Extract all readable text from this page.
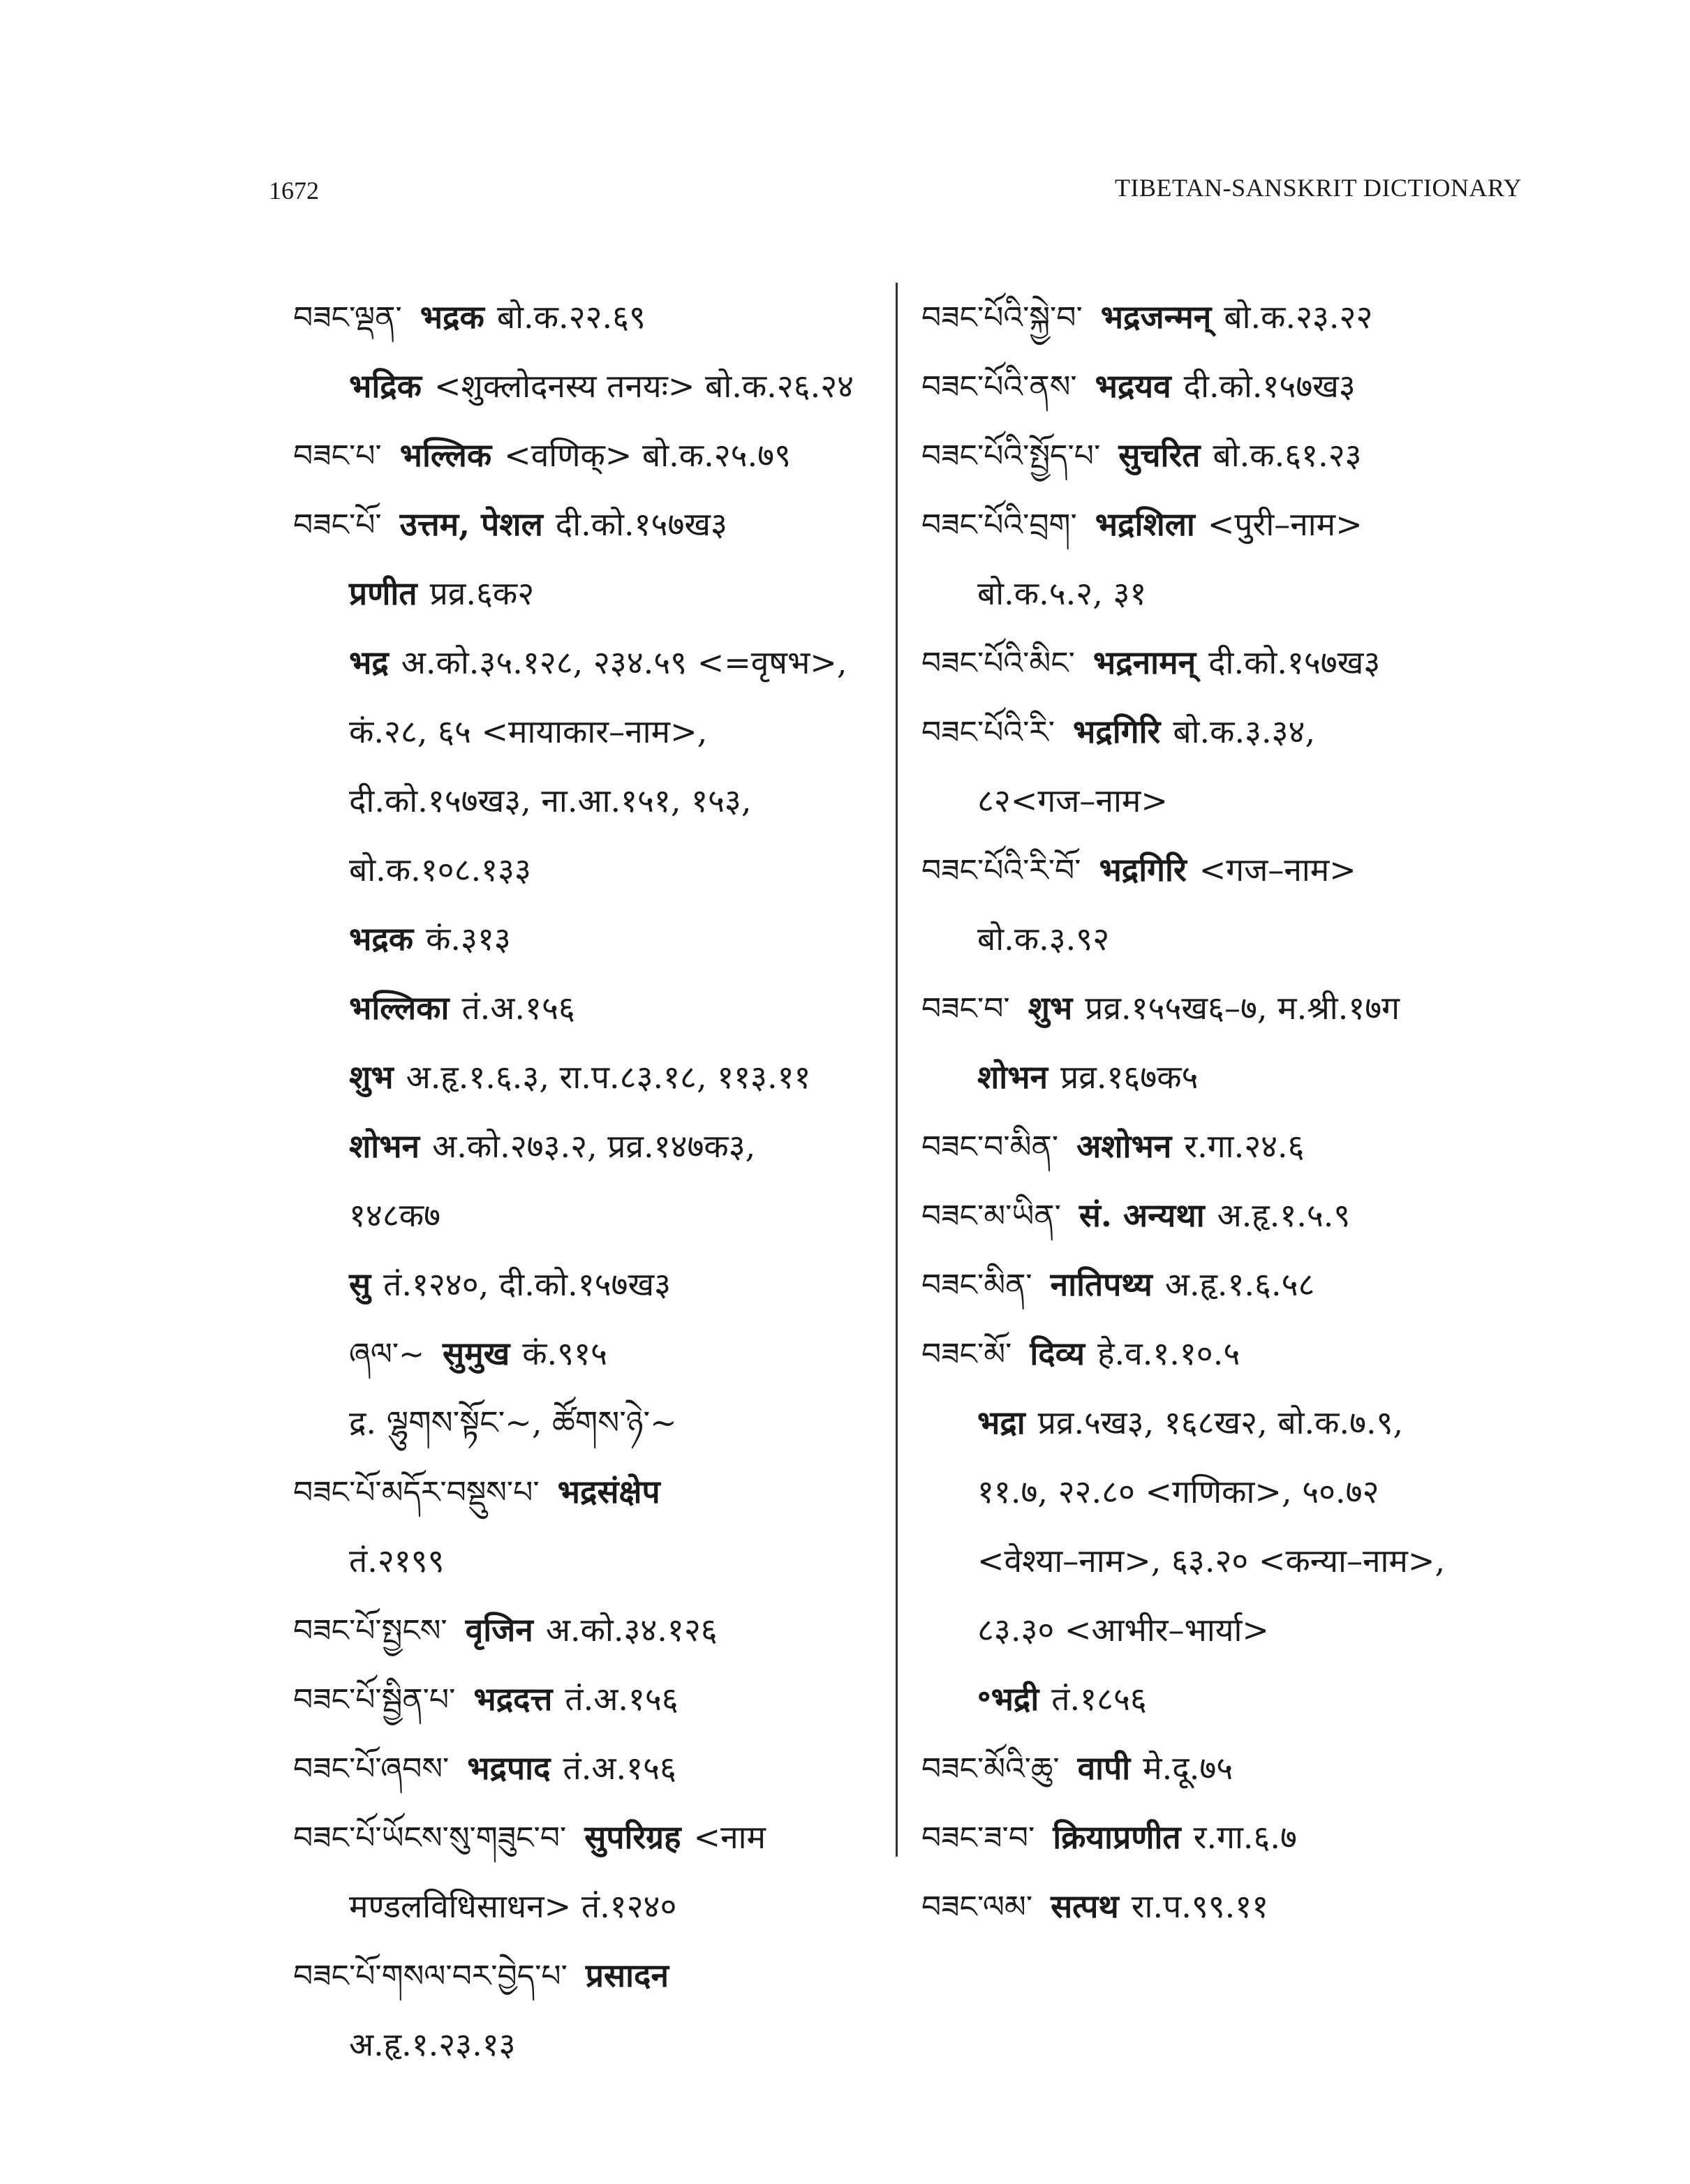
1672	TIBETAN-SANSKRIT DICTIONARY
བཟང་ལྡན་ भद्रक बो.क.२२.६९
भद्रिक <शुक्लोदनस्य तनयः> बो.क.२६.२४
བཟང་པ་ भल्लिक <वणिक्> बो.क.२५.७९
བཟང་པོ་ उत्तम, पेशल दी.को.१५७ख३
प्रणीत प्रव्र.६क२
भद्र अ.को.३५.१२८, २३४.५९ <=वृषभ>,
कं.२८, ६५ <मायाकार–नाम>,
दी.को.१५७ख३, ना.आ.१५१, १५३,
बो.क.१०८.१३३
भद्रक कं.३१३
भल्लिका तं.अ.१५६
शुभ अ.हृ.१.६.३, रा.प.८३.१८, ११३.११
शोभन अ.को.२७३.२, प्रव्र.१४७क३,
१४८क७
सु तं.१२४०, दी.को.१५७ख३
ཞལ་~ सुमुख कं.९१५
द्र. ལྷུགས་སྟོང་~, ཚོགས་ཉེ་~
བཟང་པོ་མདོར་བསྡུས་པ་ भद्रसंक्षेप
तं.२१९९
བཟང་པོ་སྤྱངས་ वृजिन अ.को.३४.१२६
བཟང་པོ་སྦྱིན་པ་ भद्रदत्त तं.अ.१५६
བཟང་པོ་ཞབས་ भद्रपाद तं.अ.१५६
བཟང་པོ་ཡོངས་སུ་གཟུང་བ་ सुपरिग्रह <नाम
मण्डलविधिसाधन> तं.१२४०
བཟང་པོ་གསལ་བར་བྱེད་པ་ प्रसादन
अ.हृ.१.२३.१३
བཟང་པོའི་སྐྱེ་བ་ भद्रजन्मन् बो.क.२३.२२
བཟང་པོའི་ནས་ भद्रयव दी.को.१५७ख३
བཟང་པོའི་སྤྱོད་པ་ सुचरित बो.क.६१.२३
བཟང་པོའི་བྲག་ भद्रशिला <पुरी–नाम>
बो.क.५.२, ३१
བཟང་པོའི་མིང་ भद्रनामन् दी.को.१५७ख३
བཟང་པོའི་རི་ भद्रगिरि बो.क.३.३४,
८२<गज–नाम>
བཟང་པོའི་རི་བོ་ भद्रगिरि <गज–नाम>
बो.क.३.९२
བཟང་བ་ शुभ प्रव्र.१५५ख६–७, म.श्री.१७ग
शोभन प्रव्र.१६७क५
བཟང་བ་མིན་ अशोभन र.गा.२४.६
བཟང་མ་ཡིན་ सं. अन्यथा अ.हृ.१.५.९
བཟང་མིན་ नातिपथ्य अ.हृ.१.६.५८
བཟང་མོ་ दिव्य हे.व.१.१०.५
भद्रा प्रव्र.५ख३, १६८ख२, बो.क.७.९,
११.७, २२.८० <गणिका>, ५०.७२
<वेश्या–नाम>, ६३.२० <कन्या–नाम>,
८३.३० <आभीर–भार्या>
॰भद्री तं.१८५६
བཟང་མོའི་ཆུ་ वापी मे.दू.७५
བཟང་ཟ་བ་ क्रियाप्रणीत र.गा.६.७
བཟང་ལམ་ सत्पथ रा.प.९९.११
